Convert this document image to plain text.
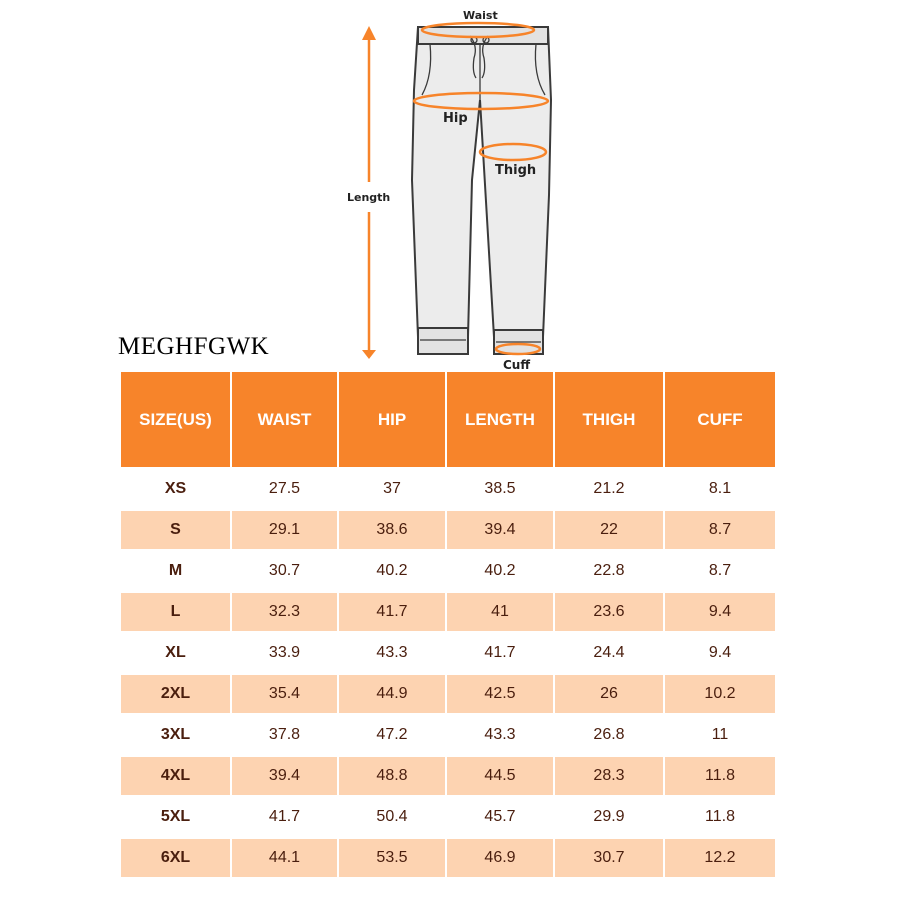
Waist
Hip
Thigh
Length
Cuff
MEGHFGWK
SIZE(US)	WAIST	HIP	LENGTH	THIGH	CUFF
XS	27.5	37	38.5	21.2	8.1
S	29.1	38.6	39.4	22	8.7
M	30.7	40.2	40.2	22.8	8.7
L	32.3	41.7	41	23.6	9.4
XL	33.9	43.3	41.7	24.4	9.4
2XL	35.4	44.9	42.5	26	10.2
3XL	37.8	47.2	43.3	26.8	11
4XL	39.4	48.8	44.5	28.3	11.8
5XL	41.7	50.4	45.7	29.9	11.8
6XL	44.1	53.5	46.9	30.7	12.2
